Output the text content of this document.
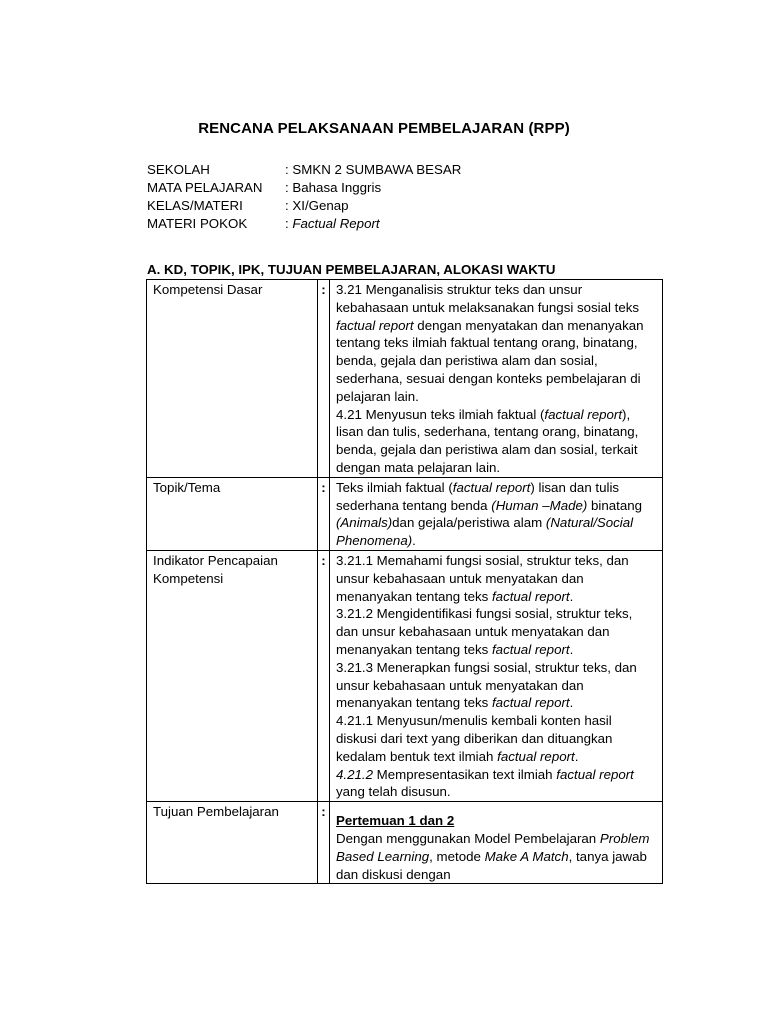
RENCANA PELAKSANAAN PEMBELAJARAN (RPP)
SEKOLAH	: SMKN 2 SUMBAWA BESAR
MATA PELAJARAN	: Bahasa Inggris
KELAS/MATERI	: XI/Genap
MATERI POKOK	: Factual Report
A. KD, TOPIK, IPK, TUJUAN PEMBELAJARAN, ALOKASI WAKTU
Kompetensi Dasar	:	3.21 Menganalisis struktur teks dan unsur kebahasaan untuk melaksanakan fungsi sosial teks factual report dengan menyatakan dan menanyakan tentang teks ilmiah faktual tentang orang, binatang, benda, gejala dan peristiwa alam dan sosial, sederhana, sesuai dengan konteks pembelajaran di pelajaran lain.
4.21 Menyusun teks ilmiah faktual (factual report), lisan dan tulis, sederhana, tentang orang, binatang, benda, gejala dan peristiwa alam dan sosial, terkait dengan mata pelajaran lain.

Topik/Tema	:	Teks ilmiah faktual (factual report) lisan dan tulis sederhana tentang benda (Human –Made) binatang (Animals)dan gejala/peristiwa alam (Natural/Social Phenomena).
Indikator Pencapaian Kompetensi	:	3.21.1 Memahami fungsi sosial, struktur teks, dan unsur kebahasaan untuk menyatakan dan menanyakan tentang teks factual report.
3.21.2 Mengidentifikasi fungsi sosial, struktur teks, dan unsur kebahasaan untuk menyatakan dan menanyakan tentang teks factual report.
3.21.3 Menerapkan fungsi sosial, struktur teks, dan unsur kebahasaan untuk menyatakan dan menanyakan tentang teks factual report.
4.21.1 Menyusun/menulis kembali konten hasil diskusi dari text yang diberikan dan dituangkan kedalam bentuk text ilmiah factual report.
4.21.2 Mempresentasikan text ilmiah factual report yang telah disusun.

Tujuan Pembelajaran	:	Pertemuan 1 dan 2
Dengan menggunakan Model Pembelajaran Problem Based Learning, metode Make A Match, tanya jawab dan diskusi dengan
